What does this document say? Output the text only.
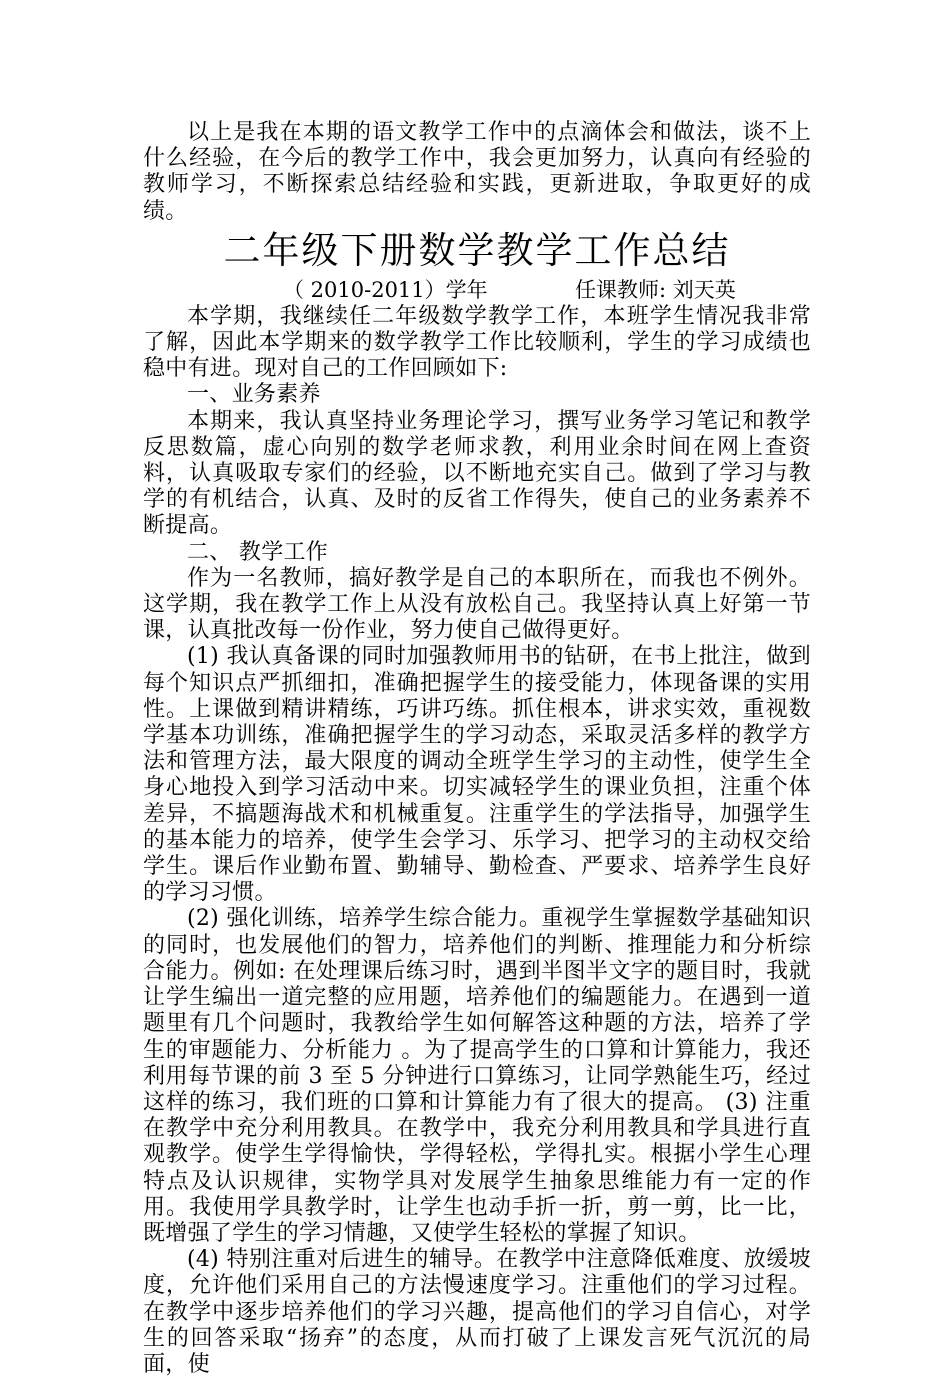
以上是我在本期的语文教学工作中的点滴体会和做法，谈不上什么经验，在今后的教学工作中，我会更加努力，认真向有经验的教师学习，不断探索总结经验和实践，更新进取，争取更好的成绩。

二年级下册数学教学工作总结

（ 2010-2011）学年	任课教师: 刘天英

本学期，我继续任二年级数学教学工作，本班学生情况我非常了解，因此本学期来的数学教学工作比较顺利，学生的学习成绩也稳中有进。现对自己的工作回顾如下:

一、业务素养

本期来，我认真坚持业务理论学习，撰写业务学习笔记和教学反思数篇，虚心向别的数学老师求教，利用业余时间在网上查资料，认真吸取专家们的经验，以不断地充实自己。做到了学习与教学的有机结合，认真、及时的反省工作得失，使自己的业务素养不断提高。

二、 教学工作

作为一名教师，搞好教学是自己的本职所在，而我也不例外。这学期，我在教学工作上从没有放松自己。我坚持认真上好第一节课，认真批改每一份作业，努力使自己做得更好。

(1) 我认真备课的同时加强教师用书的钻研，在书上批注，做到每个知识点严抓细扣，准确把握学生的接受能力，体现备课的实用性。上课做到精讲精练，巧讲巧练。抓住根本，讲求实效，重视数学基本功训练，准确把握学生的学习动态，采取灵活多样的教学方法和管理方法，最大限度的调动全班学生学习的主动性，使学生全身心地投入到学习活动中来。切实减轻学生的课业负担，注重个体差异，不搞题海战术和机械重复。注重学生的学法指导，加强学生的基本能力的培养，使学生会学习、乐学习、把学习的主动权交给学生。课后作业勤布置、勤辅导、勤检查、严要求、培养学生良好的学习习惯。

(2) 强化训练，培养学生综合能力。重视学生掌握数学基础知识的同时，也发展他们的智力，培养他们的判断、推理能力和分析综合能力。例如: 在处理课后练习时，遇到半图半文字的题目时，我就让学生编出一道完整的应用题，培养他们的编题能力。在遇到一道题里有几个问题时，我教给学生如何解答这种题的方法，培养了学生的审题能力、分析能力 。为了提高学生的口算和计算能力，我还利用每节课的前 3 至 5 分钟进行口算练习，让同学熟能生巧，经过这样的练习，我们班的口算和计算能力有了很大的提高。 (3) 注重在教学中充分利用教具。在教学中，我充分利用教具和学具进行直观教学。使学生学得愉快，学得轻松，学得扎实。根据小学生心理特点及认识规律，实物学具对发展学生抽象思维能力有一定的作用。我使用学具教学时，让学生也动手折一折，剪一剪，比一比，既增强了学生的学习情趣，又使学生轻松的掌握了知识。

(4) 特别注重对后进生的辅导。在教学中注意降低难度、放缓坡度，允许他们采用自己的方法慢速度学习。注重他们的学习过程。在教学中逐步培养他们的学习兴趣，提高他们的学习自信心，对学生的回答采取“扬弃”的态度，从而打破了上课发言死气沉沉的局面，使
